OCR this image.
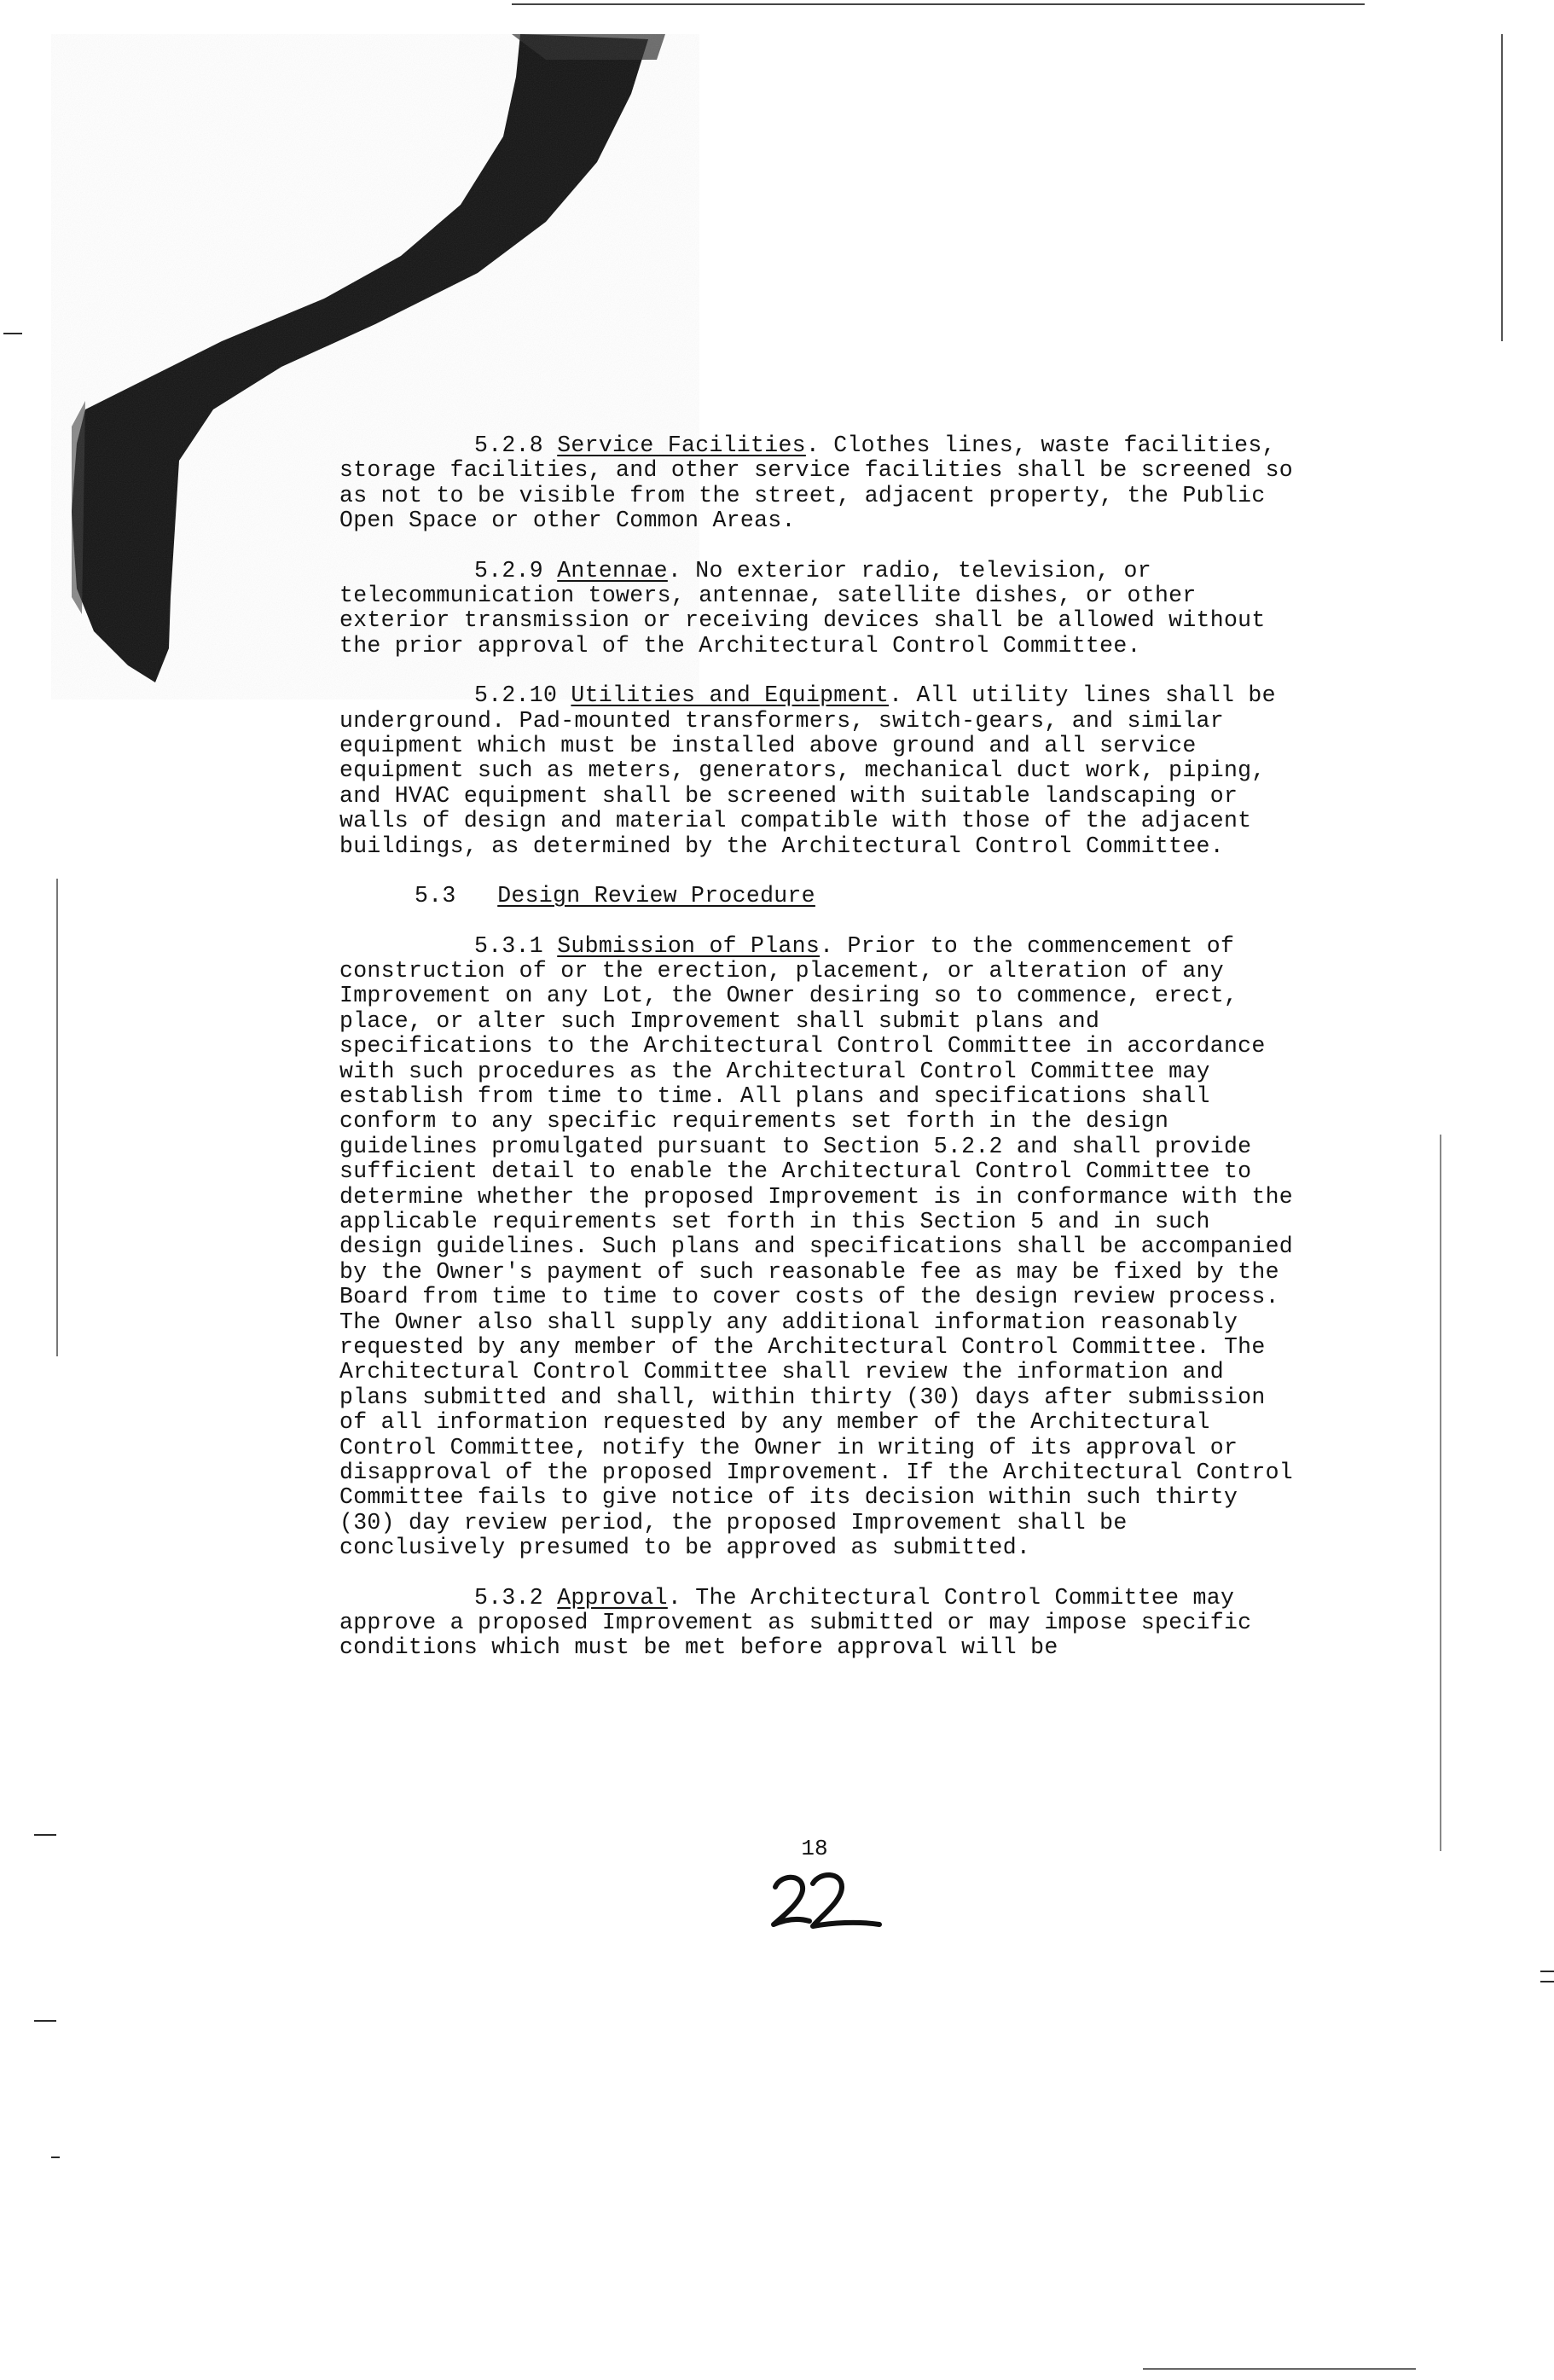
5.2.8 Service Facilities. Clothes lines, waste facilities, storage facilities, and other service facilities shall be screened so as not to be visible from the street, adjacent property, the Public Open Space or other Common Areas.

5.2.9 Antennae. No exterior radio, television, or telecommunication towers, antennae, satellite dishes, or other exterior transmission or receiving devices shall be allowed without the prior approval of the Architectural Control Committee.

5.2.10 Utilities and Equipment. All utility lines shall be underground. Pad-mounted transformers, switch-gears, and similar equipment which must be installed above ground and all service equipment such as meters, generators, mechanical duct work, piping, and HVAC equipment shall be screened with suitable landscaping or walls of design and material compatible with those of the adjacent buildings, as determined by the Architectural Control Committee.

5.3 Design Review Procedure

5.3.1 Submission of Plans. Prior to the commencement of construction of or the erection, placement, or alteration of any Improvement on any Lot, the Owner desiring so to commence, erect, place, or alter such Improvement shall submit plans and specifications to the Architectural Control Committee in accordance with such procedures as the Architectural Control Committee may establish from time to time. All plans and specifications shall conform to any specific requirements set forth in the design guidelines promulgated pursuant to Section 5.2.2 and shall provide sufficient detail to enable the Architectural Control Committee to determine whether the proposed Improvement is in conformance with the applicable requirements set forth in this Section 5 and in such design guidelines. Such plans and specifications shall be accompanied by the Owner's payment of such reasonable fee as may be fixed by the Board from time to time to cover costs of the design review process. The Owner also shall supply any additional information reasonably requested by any member of the Architectural Control Committee. The Architectural Control Committee shall review the information and plans submitted and shall, within thirty (30) days after submission of all information requested by any member of the Architectural Control Committee, notify the Owner in writing of its approval or disapproval of the proposed Improvement. If the Architectural Control Committee fails to give notice of its decision within such thirty (30) day review period, the proposed Improvement shall be conclusively presumed to be approved as submitted.

5.3.2 Approval. The Architectural Control Committee may approve a proposed Improvement as submitted or may impose specific conditions which must be met before approval will be

18
